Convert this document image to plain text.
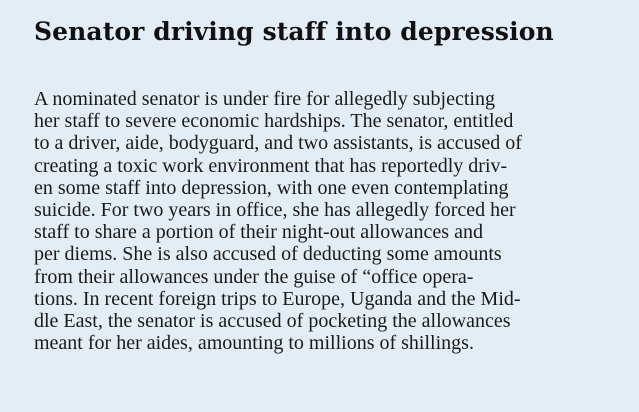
Senator driving staff into depression

A nominated senator is under fire for allegedly subjecting
her staff to severe economic hardships. The senator, entitled
to a driver, aide, bodyguard, and two assistants, is accused of
creating a toxic work environment that has reportedly driv-
en some staff into depression, with one even contemplating
suicide. For two years in office, she has allegedly forced her
staff to share a portion of their night-out allowances and
per diems. She is also accused of deducting some amounts
from their allowances under the guise of “office opera-
tions. In recent foreign trips to Europe, Uganda and the Mid-
dle East, the senator is accused of pocketing the allowances
meant for her aides, amounting to millions of shillings.
